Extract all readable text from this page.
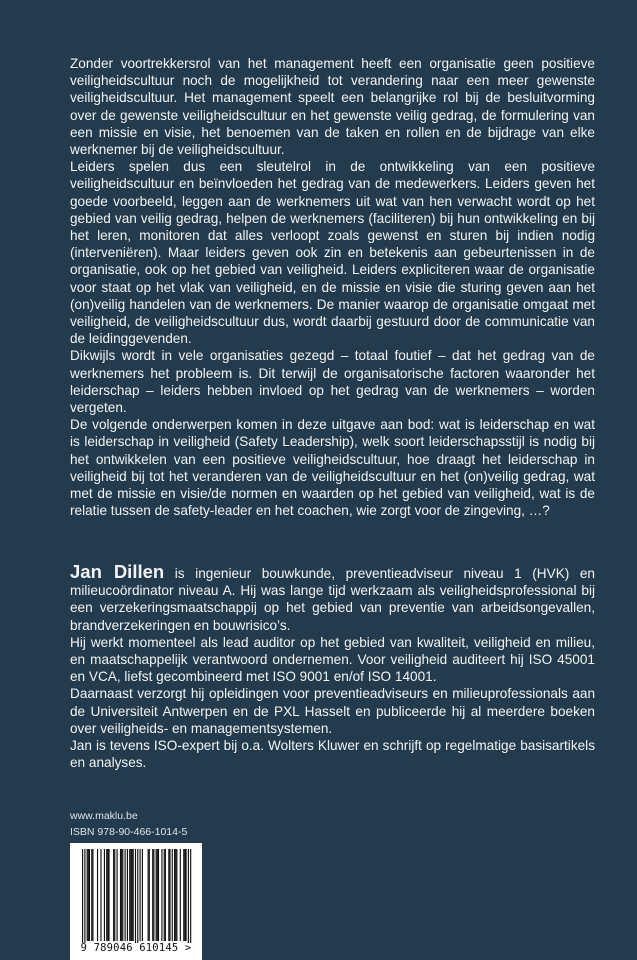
Zonder voortrekkersrol van het management heeft een organisatie geen positieve veiligheidscultuur noch de mogelijkheid tot verandering naar een meer gewenste veiligheidscultuur. Het management speelt een belangrijke rol bij de besluitvorming over de gewenste veiligheidscultuur en het gewenste veilig gedrag, de formulering van een missie en visie, het benoemen van de taken en rollen en de bijdrage van elke werknemer bij de veiligheidscultuur.

Leiders spelen dus een sleutelrol in de ontwikkeling van een positieve veiligheidscultuur en beïnvloeden het gedrag van de medewerkers. Leiders geven het goede voorbeeld, leggen aan de werknemers uit wat van hen verwacht wordt op het gebied van veilig gedrag, helpen de werknemers (faciliteren) bij hun ontwikkeling en bij het leren, monitoren dat alles verloopt zoals gewenst en sturen bij indien nodig (interveniëren). Maar leiders geven ook zin en betekenis aan gebeurtenissen in de organisatie, ook op het gebied van veiligheid. Leiders expliciteren waar de organisatie voor staat op het vlak van veiligheid, en de missie en visie die sturing geven aan het (on)veilig handelen van de werknemers. De manier waarop de organisatie omgaat met veiligheid, de veiligheidscultuur dus, wordt daarbij gestuurd door de communicatie van de leidinggevenden.

Dikwijls wordt in vele organisaties gezegd – totaal foutief – dat het gedrag van de werknemers het probleem is. Dit terwijl de organisatorische factoren waaronder het leiderschap – leiders hebben invloed op het gedrag van de werknemers – worden vergeten.

De volgende onderwerpen komen in deze uitgave aan bod: wat is leiderschap en wat is leiderschap in veiligheid (Safety Leadership), welk soort leiderschapsstijl is nodig bij het ontwikkelen van een positieve veiligheidscultuur, hoe draagt het leiderschap in veiligheid bij tot het veranderen van de veiligheidscultuur en het (on)veilig gedrag, wat met de missie en visie/de normen en waarden op het gebied van veiligheid, wat is de relatie tussen de safety-leader en het coachen, wie zorgt voor de zingeving, …?

Jan Dillen is ingenieur bouwkunde, preventieadviseur niveau 1 (HVK) en milieucoördinator niveau A. Hij was lange tijd werkzaam als veiligheidsprofessional bij een verzekeringsmaatschappij op het gebied van preventie van arbeidsongevallen, brandverzekeringen en bouwrisico’s.

Hij werkt momenteel als lead auditor op het gebied van kwaliteit, veiligheid en milieu, en maatschappelijk verantwoord ondernemen. Voor veiligheid auditeert hij ISO 45001 en VCA, liefst gecombineerd met ISO 9001 en/of ISO 14001.

Daarnaast verzorgt hij opleidingen voor preventieadviseurs en milieuprofessionals aan de Universiteit Antwerpen en de PXL Hasselt en publiceerde hij al meerdere boeken over veiligheids- en managementsystemen.

Jan is tevens ISO-expert bij o.a. Wolters Kluwer en schrijft op regelmatige basisartikels en analyses.

www.maklu.be
ISBN 978-90-466-1014-5
9 789046 610145 >
